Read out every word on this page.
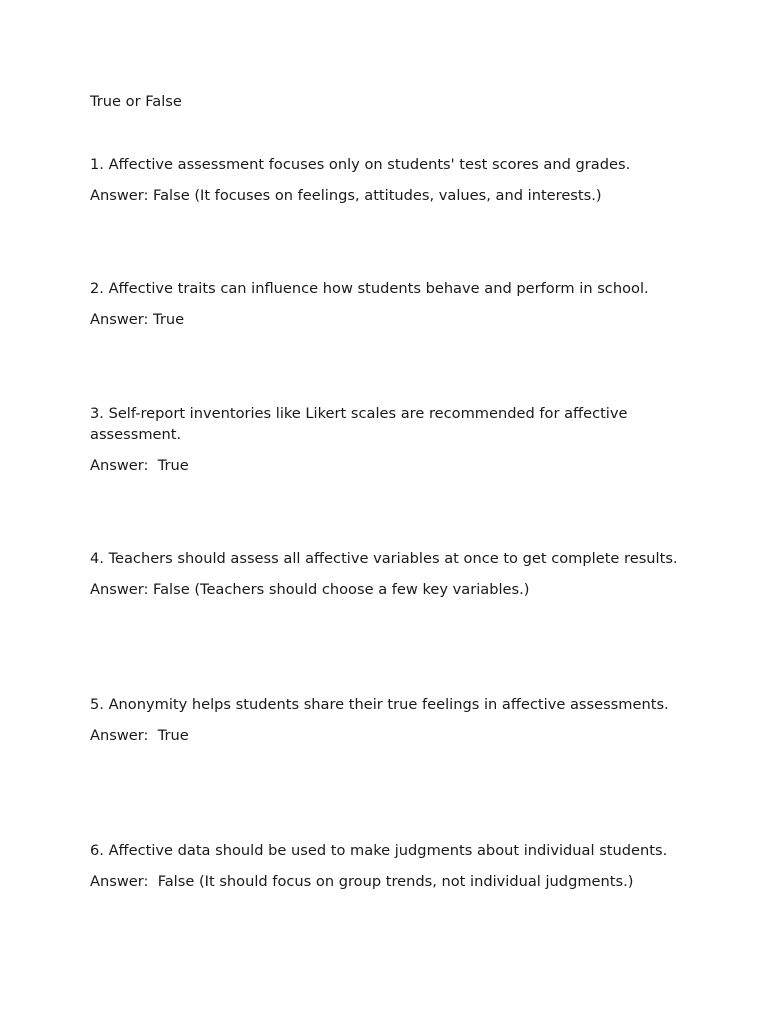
True or False

1. Affective assessment focuses only on students' test scores and grades.

Answer: False (It focuses on feelings, attitudes, values, and interests.)

2. Affective traits can influence how students behave and perform in school.

Answer: True

3. Self-report inventories like Likert scales are recommended for affective assessment.

Answer:  True

4. Teachers should assess all affective variables at once to get complete results.

Answer: False (Teachers should choose a few key variables.)

5. Anonymity helps students share their true feelings in affective assessments.

Answer:  True

6. Affective data should be used to make judgments about individual students.

Answer:  False (It should focus on group trends, not individual judgments.)
